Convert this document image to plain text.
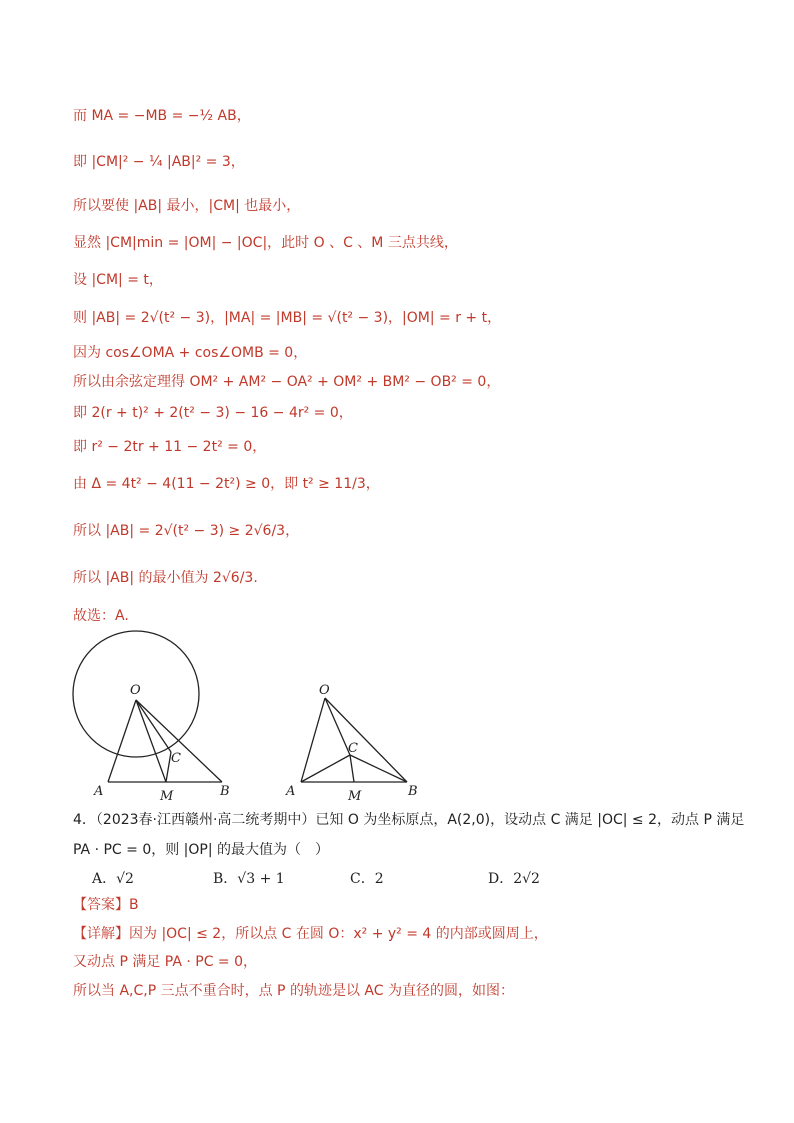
而 MA = −MB = −½ AB，
即 |CM|² − ¼ |AB|² = 3，
所以要使 |AB| 最小，|CM| 也最小，
显然 |CM|min = |OM| − |OC|，此时 O 、C 、M 三点共线，
设 |CM| = t，
则 |AB| = 2√(t² − 3)，|MA| = |MB| = √(t² − 3)，|OM| = r + t，
因为 cos∠OMA + cos∠OMB = 0，
所以由余弦定理得 OM² + AM² − OA² + OM² + BM² − OB² = 0，
即 2(r + t)² + 2(t² − 3) − 16 − 4r² = 0，
即 r² − 2tr + 11 − 2t² = 0，
由 Δ = 4t² − 4(11 − 2t²) ≥ 0，即 t² ≥ 11/3，
所以 |AB| = 2√(t² − 3) ≥ 2√6/3，
所以 |AB| 的最小值为 2√6/3.
故选：A.
O
A	B
C
M
O
A	B
C
M
4．（2023春·江西赣州·高二统考期中）已知 O 为坐标原点，A(2,0)，设动点 C 满足 |OC| ≤ 2，动点 P 满足
PA · PC = 0，则 |OP| 的最大值为（　）
A．√2	B．√3 + 1	C．2	D．2√2
【答案】B
【详解】因为 |OC| ≤ 2，所以点 C 在圆 O：x² + y² = 4 的内部或圆周上，
又动点 P 满足 PA · PC = 0，
所以当 A,C,P 三点不重合时，点 P 的轨迹是以 AC 为直径的圆，如图：
